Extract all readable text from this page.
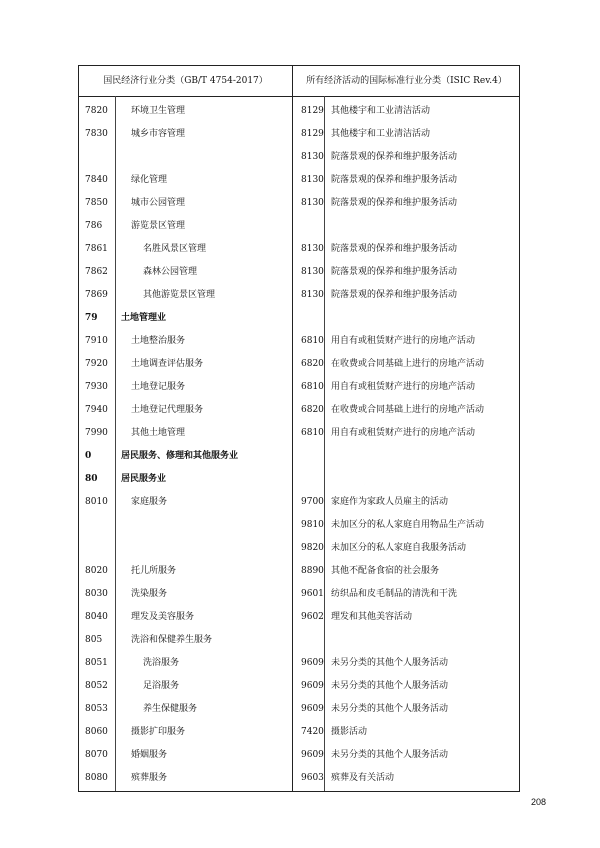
国民经济行业分类（GB/T 4754-2017）	所有经济活动的国际标准行业分类（ISIC Rev.4）
7820	环境卫生管理	8129 其他楼宇和工业清洁活动
7830	城乡市容管理	8129 其他楼宇和工业清洁活动
8130 院落景观的保养和维护服务活动
7840	绿化管理	8130 院落景观的保养和维护服务活动
7850	城市公园管理	8130 院落景观的保养和维护服务活动
786	游览景区管理
7861	名胜风景区管理	8130 院落景观的保养和维护服务活动
7862	森林公园管理	8130 院落景观的保养和维护服务活动
7869	其他游览景区管理	8130 院落景观的保养和维护服务活动
79	土地管理业
7910	土地整治服务	6810 用自有或租赁财产进行的房地产活动
7920	土地调查评估服务	6820 在收费或合同基础上进行的房地产活动
7930	土地登记服务	6810 用自有或租赁财产进行的房地产活动
7940	土地登记代理服务	6820 在收费或合同基础上进行的房地产活动
7990	其他土地管理	6810 用自有或租赁财产进行的房地产活动
0	居民服务、修理和其他服务业
80	居民服务业
8010	家庭服务	9700 家庭作为家政人员雇主的活动
9810 未加区分的私人家庭自用物品生产活动
9820 未加区分的私人家庭自我服务活动
8020	托儿所服务	8890 其他不配备食宿的社会服务
8030	洗染服务	9601 纺织品和皮毛制品的清洗和干洗
8040	理发及美容服务	9602 理发和其他美容活动
805	洗浴和保健养生服务
8051	洗浴服务	9609 未另分类的其他个人服务活动
8052	足浴服务	9609 未另分类的其他个人服务活动
8053	养生保健服务	9609 未另分类的其他个人服务活动
8060	摄影扩印服务	7420 摄影活动
8070	婚姻服务	9609 未另分类的其他个人服务活动
8080	殡葬服务	9603 殡葬及有关活动
208
